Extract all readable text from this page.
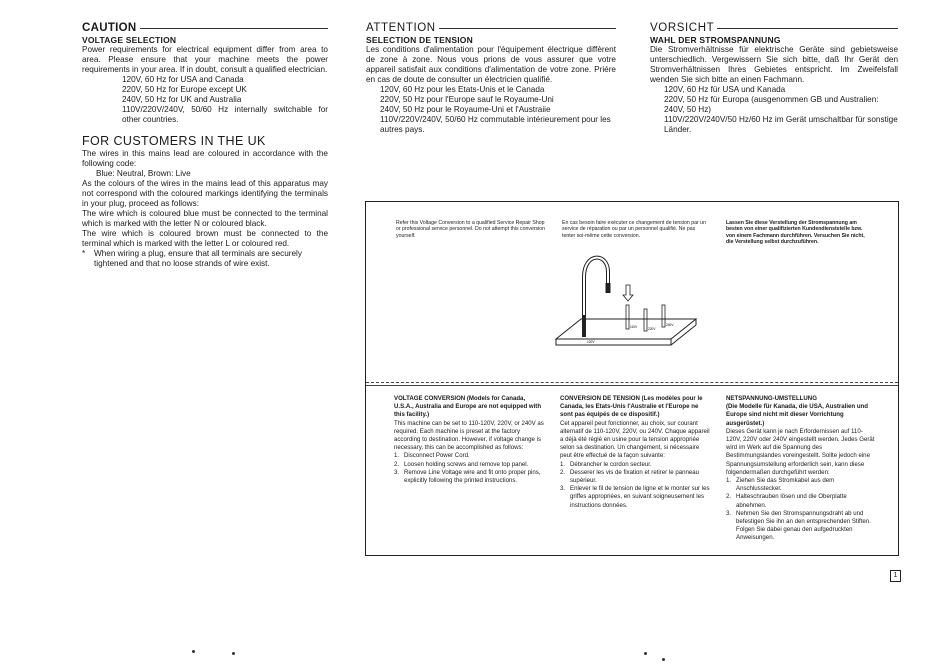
CAUTION
VOLTAGE SELECTION

Power requirements for electrical equipment differ from area to area. Please ensure that your machine meets the power requirements in your area. If in doubt, consult a qualified electrician.

120V, 60 Hz for USA and Canada
220V, 50 Hz for Europe except UK
240V, 50 Hz for UK and Australia
110V/220V/240V, 50/60 Hz internally switchable for other countries.
FOR CUSTOMERS IN THE UK

The wires in this mains lead are coloured in accordance with the following code:

Blue: Neutral, Brown: Live

As the colours of the wires in the mains lead of this apparatus may not correspond with the coloured markings identifying the terminals in your plug, proceed as follows:

The wire which is coloured blue must be connected to the terminal which is marked with the letter N or coloured black.

The wire which is coloured brown must be connected to the terminal which is marked with the letter L or coloured red.

*	When wiring a plug, ensure that all terminals are securely tightened and that no loose strands of wire exist.
ATTENTION
SELECTION DE TENSION

Les conditions d'alimentation pour l'équipement électrique diffèrent de zone à zone. Nous vous prions de vous assurer que votre appareil satisfait aux conditions d'alimentation de votre zone. Priére en cas de doute de consulter un électricien qualifié.

120V, 60 Hz pour les Etats-Unis et le Canada
220V, 50 Hz pour l'Europe sauf le Royaume-Uni
240V, 50 Hz pour le Royaume-Uni et l'Austraiie
110V/220V/240V, 50/60 Hz commutable intérieurement pour les autres pays.
VORSICHT
WAHL DER STROMSPANNUNG

Die Stromverhältnisse für elektrische Geräte sind gebietsweise unterschiedlich. Vergewissern Sie sich bitte, daß Ihr Gerät den Stromverhältnissen Ihres Gebietes entspricht. Im Zweifelsfall wenden Sie sich bitte an einen Fachmann.

120V, 60 Hz für USA und Kanada
220V, 50 Hz für Europa (ausgenommen GB und Australien: 240V, 50 Hz)
110V/220V/240V/50 Hz/60 Hz im Gerät umschaltbar für sonstige Länder.
Refer this Voltage Conversion to a qualified Service Repair Shop or professional service personnel. Do not attempt this conversion yourself.
En cas besoin faire exécuter ce changement de tension par un service de réparation ou par un personnel qualifié. Ne pas tenter soi-même cette conversion.
Lassen Sie diese Verstellung der Stromspannung am besten von einer qualifizierten Kundendienststelle bzw. von einem Fachmann durchführen. Versuchen Sie nicht, die Verstellung selbst durchzuführen.
110V	220V
240V
120V
VOLTAGE CONVERSION (Models for Canada, U.S.A., Australia and Europe are not equipped with this facility.)
This machine can be set to 110-120V, 220V, or 240V as required. Each machine is preset at the factory according to destination. However, if voltage change is necessary, this can be accomplished as follows:
1. Disconnect Power Cord.
2. Loosen holding screws and remove top panel.
3. Remove Line Voltage wire and fit onto proper pins, explicitly following the printed instructions.
CONVERSION DE TENSION (Les modèles pour le Canada, les Etats-Unis l'Australie et l'Europe ne sont pas équipés de ce dispositif.)
Cet appareil peut fonctionner, au choix, sur courant alternatif de 110-120V, 220V, ou 240V. Chaque appareil a déjà été réglé en usine pour la tension appropriée selon sa destination. Un changement, si nécessaire peut être effectué de la façon suivante:
1. Débrancher le cordon secteur.
2. Desserer les vis de fixation et retirer le panneau supérieur.
3. Enlever le fil de tension de ligne et le monter sur les griffes appropriées, en suivant soigneusement les instructions données.
NETSPANNUNG-UMSTELLUNG
(Die Modelle für Kanada, die USA, Australien und Europe sind nicht mit dieser Vorrichtung ausgerüstet.)
Dieses Gerät kann je nach Erfordernissen auf 110-120V, 220V oder 240V eingestellt werden. Jedes Gerät wird im Werk auf die Spannung des Bestimmungslandes voreingestellt. Sollte jedoch eine Spannungsumstellung erforderlich sein, kann diese folgendermaßen durchgeführt werden:
1. Ziehen Sie das Stromkabel aus dem Anschlusstecker.
2. Halteschrauben lösen und die Oberplatte abnehmen.
3. Nehmen Sie den Stromspannungsdraht ab und befestigen Sie ihn an den entsprechenden Stiften. Folgen Sie dabei genau den aufgedruckten Anweisungen.
1
